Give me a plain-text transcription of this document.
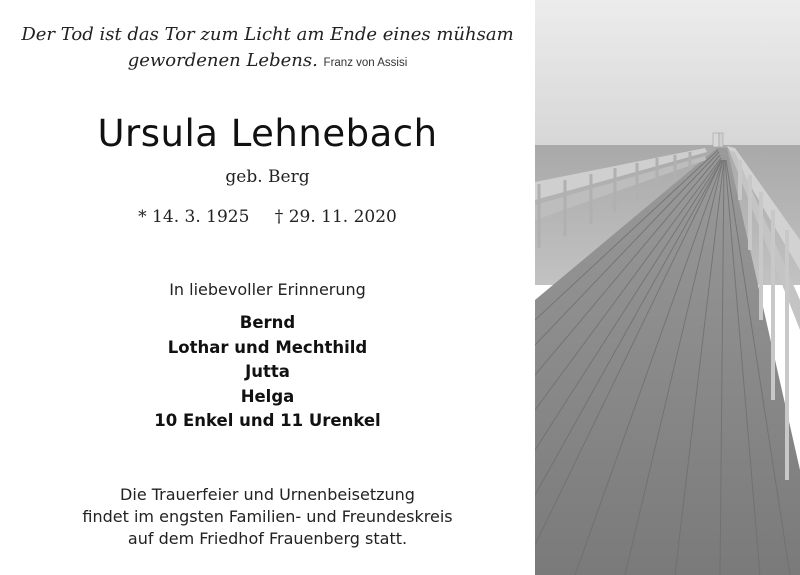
Der Tod ist das Tor zum Licht am Ende eines mühsam
gewordenen Lebens. Franz von Assisi
Ursula Lehnebach
geb. Berg
* 14. 3. 1925 † 29. 11. 2020
In liebevoller Erinnerung
Bernd
Lothar und Mechthild
Jutta
Helga
10 Enkel und 11 Urenkel
Die Trauerfeier und Urnenbeisetzung
findet im engsten Familien- und Freundeskreis
auf dem Friedhof Frauenberg statt.
